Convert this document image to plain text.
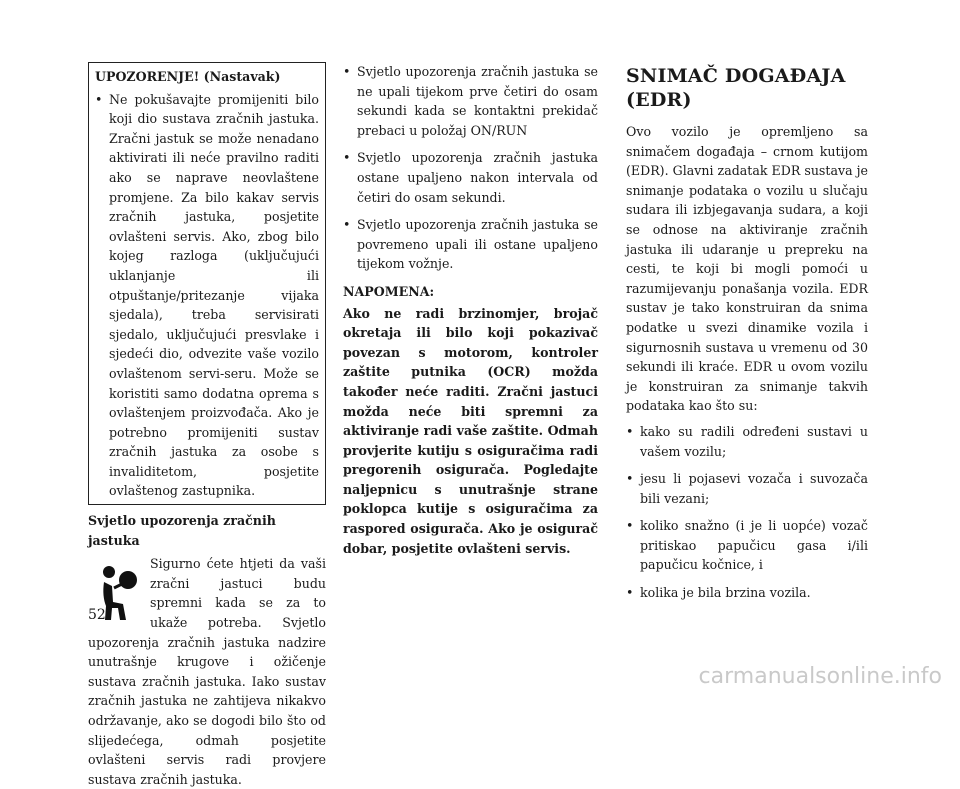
UPOZORENJE! (Nastavak)
• Ne pokušavajte promijeniti bilo koji dio sustava zračnih jastuka. Zračni jastuk se može nenadano aktivirati ili neće pravilno raditi ako se naprave neovlaštene promjene. Za bilo kakav servis zračnih jastuka, posjetite ovlašteni servis. Ako, zbog bilo kojeg razloga (uključujući uklanjanje ili otpuštanje/pritezanje vijaka sjedala), treba servisirati sjedalo, uključujući presvlake i sjedeći dio, odvezite vaše vozilo ovlaštenom servi-seru. Može se koristiti samo dodatna oprema s ovlaštenjem proizvođača. Ako je potrebno promijeniti sustav zračnih jastuka za osobe s invaliditetom, posjetite ovlaštenog zastupnika.
Svjetlo upozorenja zračnih jastuka

Sigurno ćete htjeti da vaši zračni jastuci budu spremni kada se za to ukaže potreba. Svjetlo upozorenja zračnih jastuka nadzire unutrašnje krugove i ožičenje sustava zračnih jastuka. Iako sustav zračnih jastuka ne zahtijeva nikakvo održavanje, ako se dogodi bilo što od slijedećega, odmah posjetite ovlašteni servis radi provjere sustava zračnih jastuka.

• Svjetlo upozorenja zračnih jastuka se ne upali tijekom prve četiri do osam sekundi kada se kontaktni prekidač prebaci u položaj ON/RUN
• Svjetlo upozorenja zračnih jastuka ostane upaljeno nakon intervala od četiri do osam sekundi.
• Svjetlo upozorenja zračnih jastuka se povremeno upali ili ostane upaljeno tijekom vožnje.
NAPOMENA:

Ako ne radi brzinomjer, brojač okretaja ili bilo koji pokazivač povezan s motorom, kontroler zaštite putnika (OCR) možda također neće raditi. Zračni jastuci možda neće biti spremni za aktiviranje radi vaše zaštite. Odmah provjerite kutiju s osiguračima radi pregorenih osigurača. Pogledajte naljepnicu s unutrašnje strane poklopca kutije s osiguračima za raspored osigurača. Ako je osigurač dobar, posjetite ovlašteni servis.

SNIMAČ DOGAĐAJA (EDR)

Ovo vozilo je opremljeno sa snimačem događaja – crnom kutijom (EDR). Glavni zadatak EDR sustava je snimanje podataka o vozilu u slučaju sudara ili izbjegavanja sudara, a koji se odnose na aktiviranje zračnih jastuka ili udaranje u prepreku na cesti, te koji bi mogli pomoći u razumijevanju ponašanja vozila. EDR sustav je tako konstruiran da snima podatke u svezi dinamike vozila i sigurnosnih sustava u vremenu od 30 sekundi ili kraće. EDR u ovom vozilu je konstruiran za snimanje takvih podataka kao što su:

• kako su radili određeni sustavi u vašem vozilu;
• jesu li pojasevi vozača i suvozača bili vezani;
• koliko snažno (i je li uopće) vozač pritiskao papučicu gasa i/ili papučicu kočnice, i
• kolika je bila brzina vozila.
52
carmanualsonline.info
